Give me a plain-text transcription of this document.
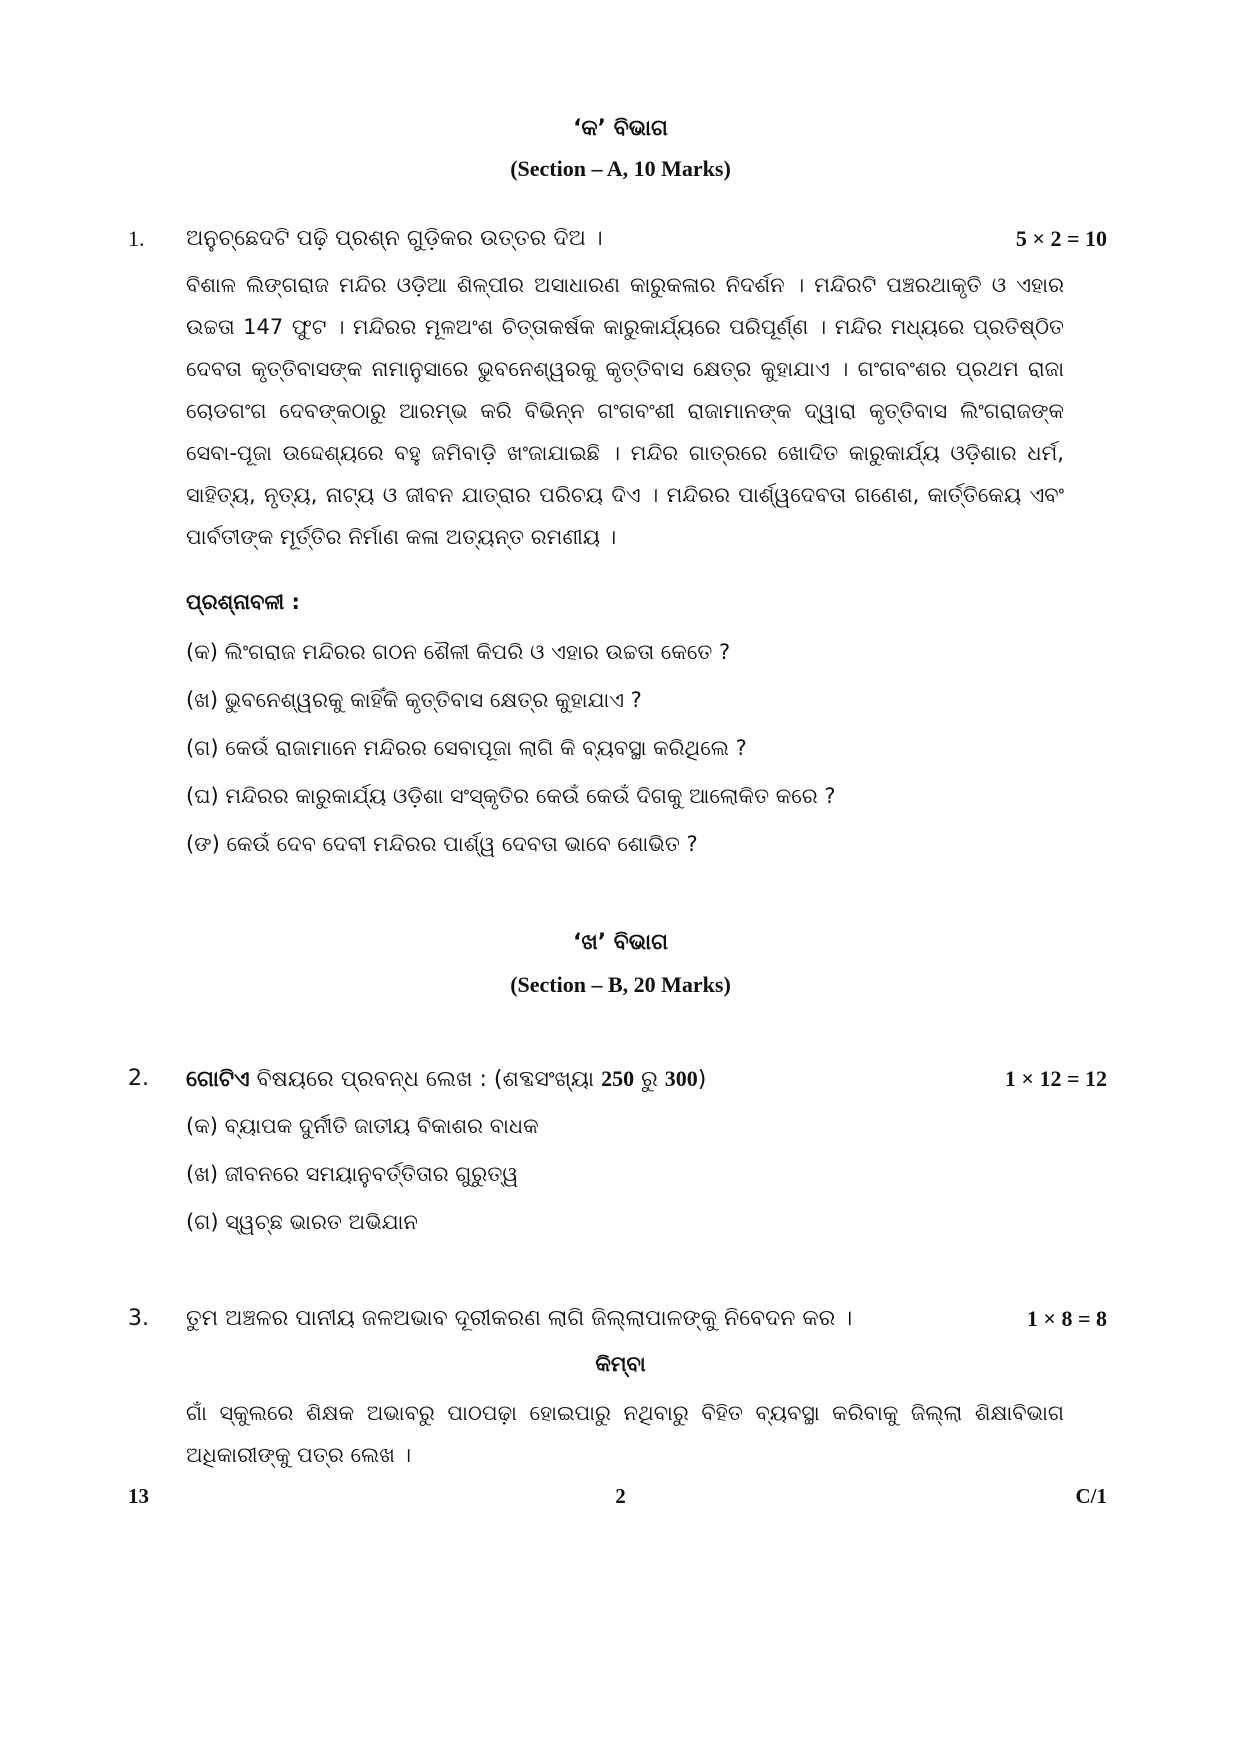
‘କ’ ବିଭାଗ
(Section – A, 10 Marks)
1. ଅନୁଚ୍ଛେଦଟି ପଢ଼ି ପ୍ରଶ୍ନ ଗୁଡ଼ିକର ଉତ୍ତର ଦିଅ ।	5 × 2 = 10
ବିଶାଳ ଲିଙ୍ଗରାଜ ମନ୍ଦିର ଓଡ଼ିଆ ଶିଳ୍ପୀର ଅସାଧାରଣ କାରୁକଳାର ନିଦର୍ଶନ । ମନ୍ଦିରଟି ପଞ୍ଚରଥାକୃତି ଓ ଏହାର ଉଚ୍ଚତା 147 ଫୁଟ । ମନ୍ଦିରର ମୂଳଅଂଶ ଚିତ୍ତାକର୍ଷକ କାରୁକାର୍ଯ୍ୟରେ ପରିପୂର୍ଣ୍ଣ । ମନ୍ଦିର ମଧ୍ୟରେ ପ୍ରତିଷ୍ଠିତ ଦେବତା କୃତ୍ତିବାସଙ୍କ ନାମାନୁସାରେ ଭୁବନେଶ୍ୱରକୁ କୃତ୍ତିବାସ କ୍ଷେତ୍ର କୁହାଯାଏ । ଗଂଗବଂଶର ପ୍ରଥମ ରାଜା ଚୋଡଗଂଗ ଦେବଙ୍କଠାରୁ ଆରମ୍ଭ କରି ବିଭିନ୍ନ ଗଂଗବଂଶୀ ରାଜାମାନଙ୍କ ଦ୍ୱାରା କୃତ୍ତିବାସ ଲିଂଗରାଜଙ୍କ ସେବା-ପୂଜା ଉଦ୍ଦେଶ୍ୟରେ ବହୁ ଜମିବାଡ଼ି ଖଂଜାଯାଇଛି । ମନ୍ଦିର ଗାତ୍ରରେ ଖୋଦିତ କାରୁକାର୍ଯ୍ୟ ଓଡ଼ିଶାର ଧର୍ମ, ସାହିତ୍ୟ, ନୃତ୍ୟ, ନାଟ୍ୟ ଓ ଜୀବନ ଯାତ୍ରାର ପରିଚୟ ଦିଏ । ମନ୍ଦିରର ପାର୍ଶ୍ୱଦେବତା ଗଣେଶ, କାର୍ତ୍ତିକେୟ ଏବଂ ପାର୍ବତୀଙ୍କ ମୂର୍ତ୍ତିର ନିର୍ମାଣ କଳା ଅତ୍ୟନ୍ତ ରମଣୀୟ ।
ପ୍ରଶ୍ନାବଳୀ :
(କ) ଲିଂଗରାଜ ମନ୍ଦିରର ଗଠନ ଶୈଳୀ କିପରି ଓ ଏହାର ଉଚ୍ଚତା କେତେ ?
(ଖ) ଭୁବନେଶ୍ୱରକୁ କାହିଁକି କୃତ୍ତିବାସ କ୍ଷେତ୍ର କୁହାଯାଏ ?
(ଗ) କେଉଁ ରାଜାମାନେ ମନ୍ଦିରର ସେବାପୂଜା ଲାଗି କି ବ୍ୟବସ୍ଥା କରିଥିଲେ ?
(ଘ) ମନ୍ଦିରର କାରୁକାର୍ଯ୍ୟ ଓଡ଼ିଶା ସଂସ୍କୃତିର କେଉଁ କେଉଁ ଦିଗକୁ ଆଲୋକିତ କରେ ?
(ଙ) କେଉଁ ଦେବ ଦେବୀ ମନ୍ଦିରର ପାର୍ଶ୍ୱ ଦେବତା ଭାବେ ଶୋଭିତ ?
‘ଖ’ ବିଭାଗ
(Section – B, 20 Marks)
2. ଗୋଟିଏ ବିଷୟରେ ପ୍ରବନ୍ଧ ଲେଖ : (ଶବ୍ଦସଂଖ୍ୟା 250 ରୁ 300)	1 × 12 = 12
(କ) ବ୍ୟାପକ ଦୁର୍ନୀତି ଜାତୀୟ ବିକାଶର ବାଧକ
(ଖ) ଜୀବନରେ ସମୟାନୁବର୍ତ୍ତିତାର ଗୁରୁତ୍ୱ
(ଗ) ସ୍ୱଚ୍ଛ ଭାରତ ଅଭିଯାନ
3. ତୁମ ଅଞ୍ଚଳର ପାନୀୟ ଜଳଅଭାବ ଦୂରୀକରଣ ଲାଗି ଜିଲ୍ଲାପାଳଙ୍କୁ ନିବେଦନ କର ।	1 × 8 = 8
କିମ୍ବା
ଗାଁ ସ୍କୁଲରେ ଶିକ୍ଷକ ଅଭାବରୁ ପାଠପଢ଼ା ହୋଇପାରୁ ନଥିବାରୁ ବିହିତ ବ୍ୟବସ୍ଥା କରିବାକୁ ଜିଲ୍ଲା ଶିକ୍ଷାବିଭାଗ ଅଧିକାରୀଙ୍କୁ ପତ୍ର ଲେଖ ।
13	2	C/1
